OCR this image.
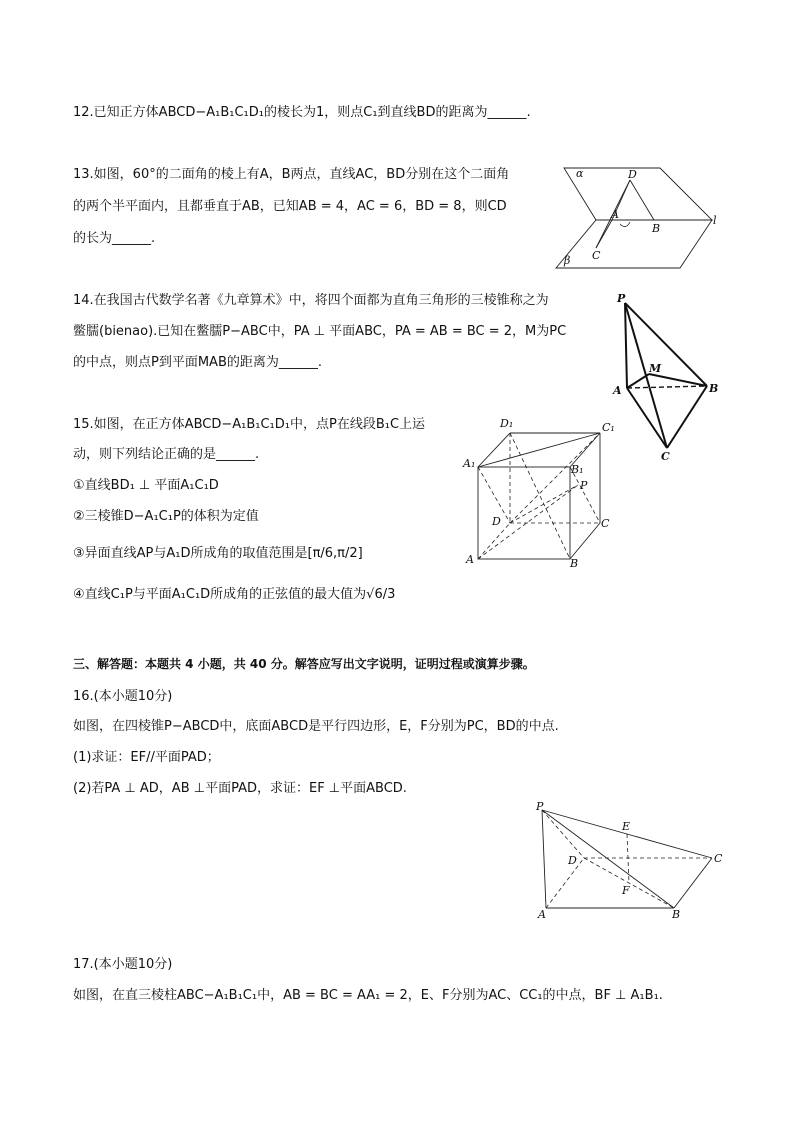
12.已知正方体ABCD−A₁B₁C₁D₁的棱长为1，则点C₁到直线BD的距离为______.
13.如图，60°的二面角的棱上有A，B两点，直线AC，BD分别在这个二面角
的两个半平面内，且都垂直于AB，已知AB = 4，AC = 6，BD = 8，则CD
的长为______.
α	D
l
A
B
C
β
14.在我国古代数学名著《九章算术》中，将四个面都为直角三角形的三棱锥称之为
鳖臑(bienao).已知在鳖臑P−ABC中，PA ⊥ 平面ABC，PA = AB = BC = 2，M为PC
的中点，则点P到平面MAB的距离为______.
P
M
A	B
C
15.如图，在正方体ABCD−A₁B₁C₁D₁中，点P在线段B₁C上运
动，则下列结论正确的是______.
①直线BD₁ ⊥ 平面A₁C₁D
②三棱锥D−A₁C₁P的体积为定值
③异面直线AP与A₁D所成角的取值范围是[π/6,π/2]
④直线C₁P与平面A₁C₁D所成角的正弦值的最大值为√6/3
D₁	C₁
A₁	B₁
P
D	C
A	B
三、解答题：本题共 4 小题，共 40 分。解答应写出文字说明，证明过程或演算步骤。
16.(本小题10分)
如图，在四棱锥P−ABCD中，底面ABCD是平行四边形，E，F分别为PC，BD的中点.
(1)求证：EF//平面PAD；
(2)若PA ⊥ AD，AB ⊥平面PAD，求证：EF ⊥平面ABCD.
P
E
C
D
F
A	B
17.(本小题10分)
如图，在直三棱柱ABC−A₁B₁C₁中，AB = BC = AA₁ = 2，E、F分别为AC、CC₁的中点，BF ⊥ A₁B₁.
